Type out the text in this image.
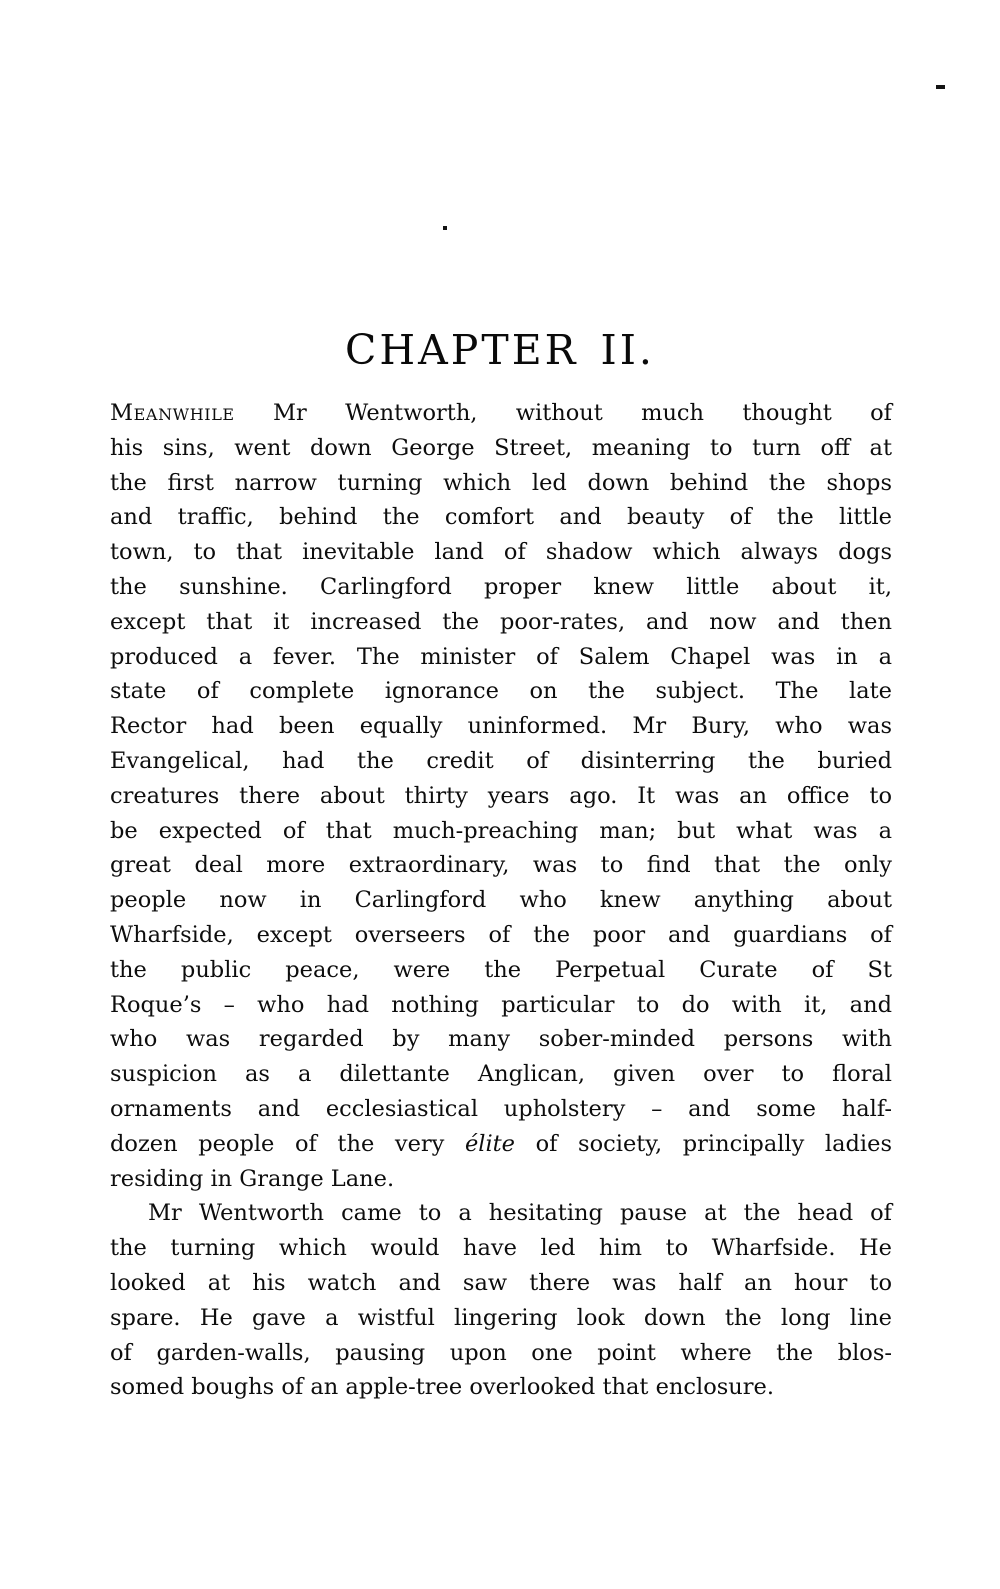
CHAPTER II.
Meanwhile Mr Wentworth, without much thought of
his sins, went down George Street, meaning to turn off at
the first narrow turning which led down behind the shops
and traffic, behind the comfort and beauty of the little
town, to that inevitable land of shadow which always dogs
the sunshine. Carlingford proper knew little about it,
except that it increased the poor-rates, and now and then
produced a fever. The minister of Salem Chapel was in a
state of complete ignorance on the subject. The late
Rector had been equally uninformed. Mr Bury, who was
Evangelical, had the credit of disinterring the buried
creatures there about thirty years ago. It was an office to
be expected of that much-preaching man; but what was a
great deal more extraordinary, was to find that the only
people now in Carlingford who knew anything about
Wharfside, except overseers of the poor and guardians of
the public peace, were the Perpetual Curate of St
Roque’s – who had nothing particular to do with it, and
who was regarded by many sober-minded persons with
suspicion as a dilettante Anglican, given over to floral
ornaments and ecclesiastical upholstery – and some half-
dozen people of the very élite of society, principally ladies
residing in Grange Lane.
Mr Wentworth came to a hesitating pause at the head of
the turning which would have led him to Wharfside. He
looked at his watch and saw there was half an hour to
spare. He gave a wistful lingering look down the long line
of garden-walls, pausing upon one point where the blos-
somed boughs of an apple-tree overlooked that enclosure.
